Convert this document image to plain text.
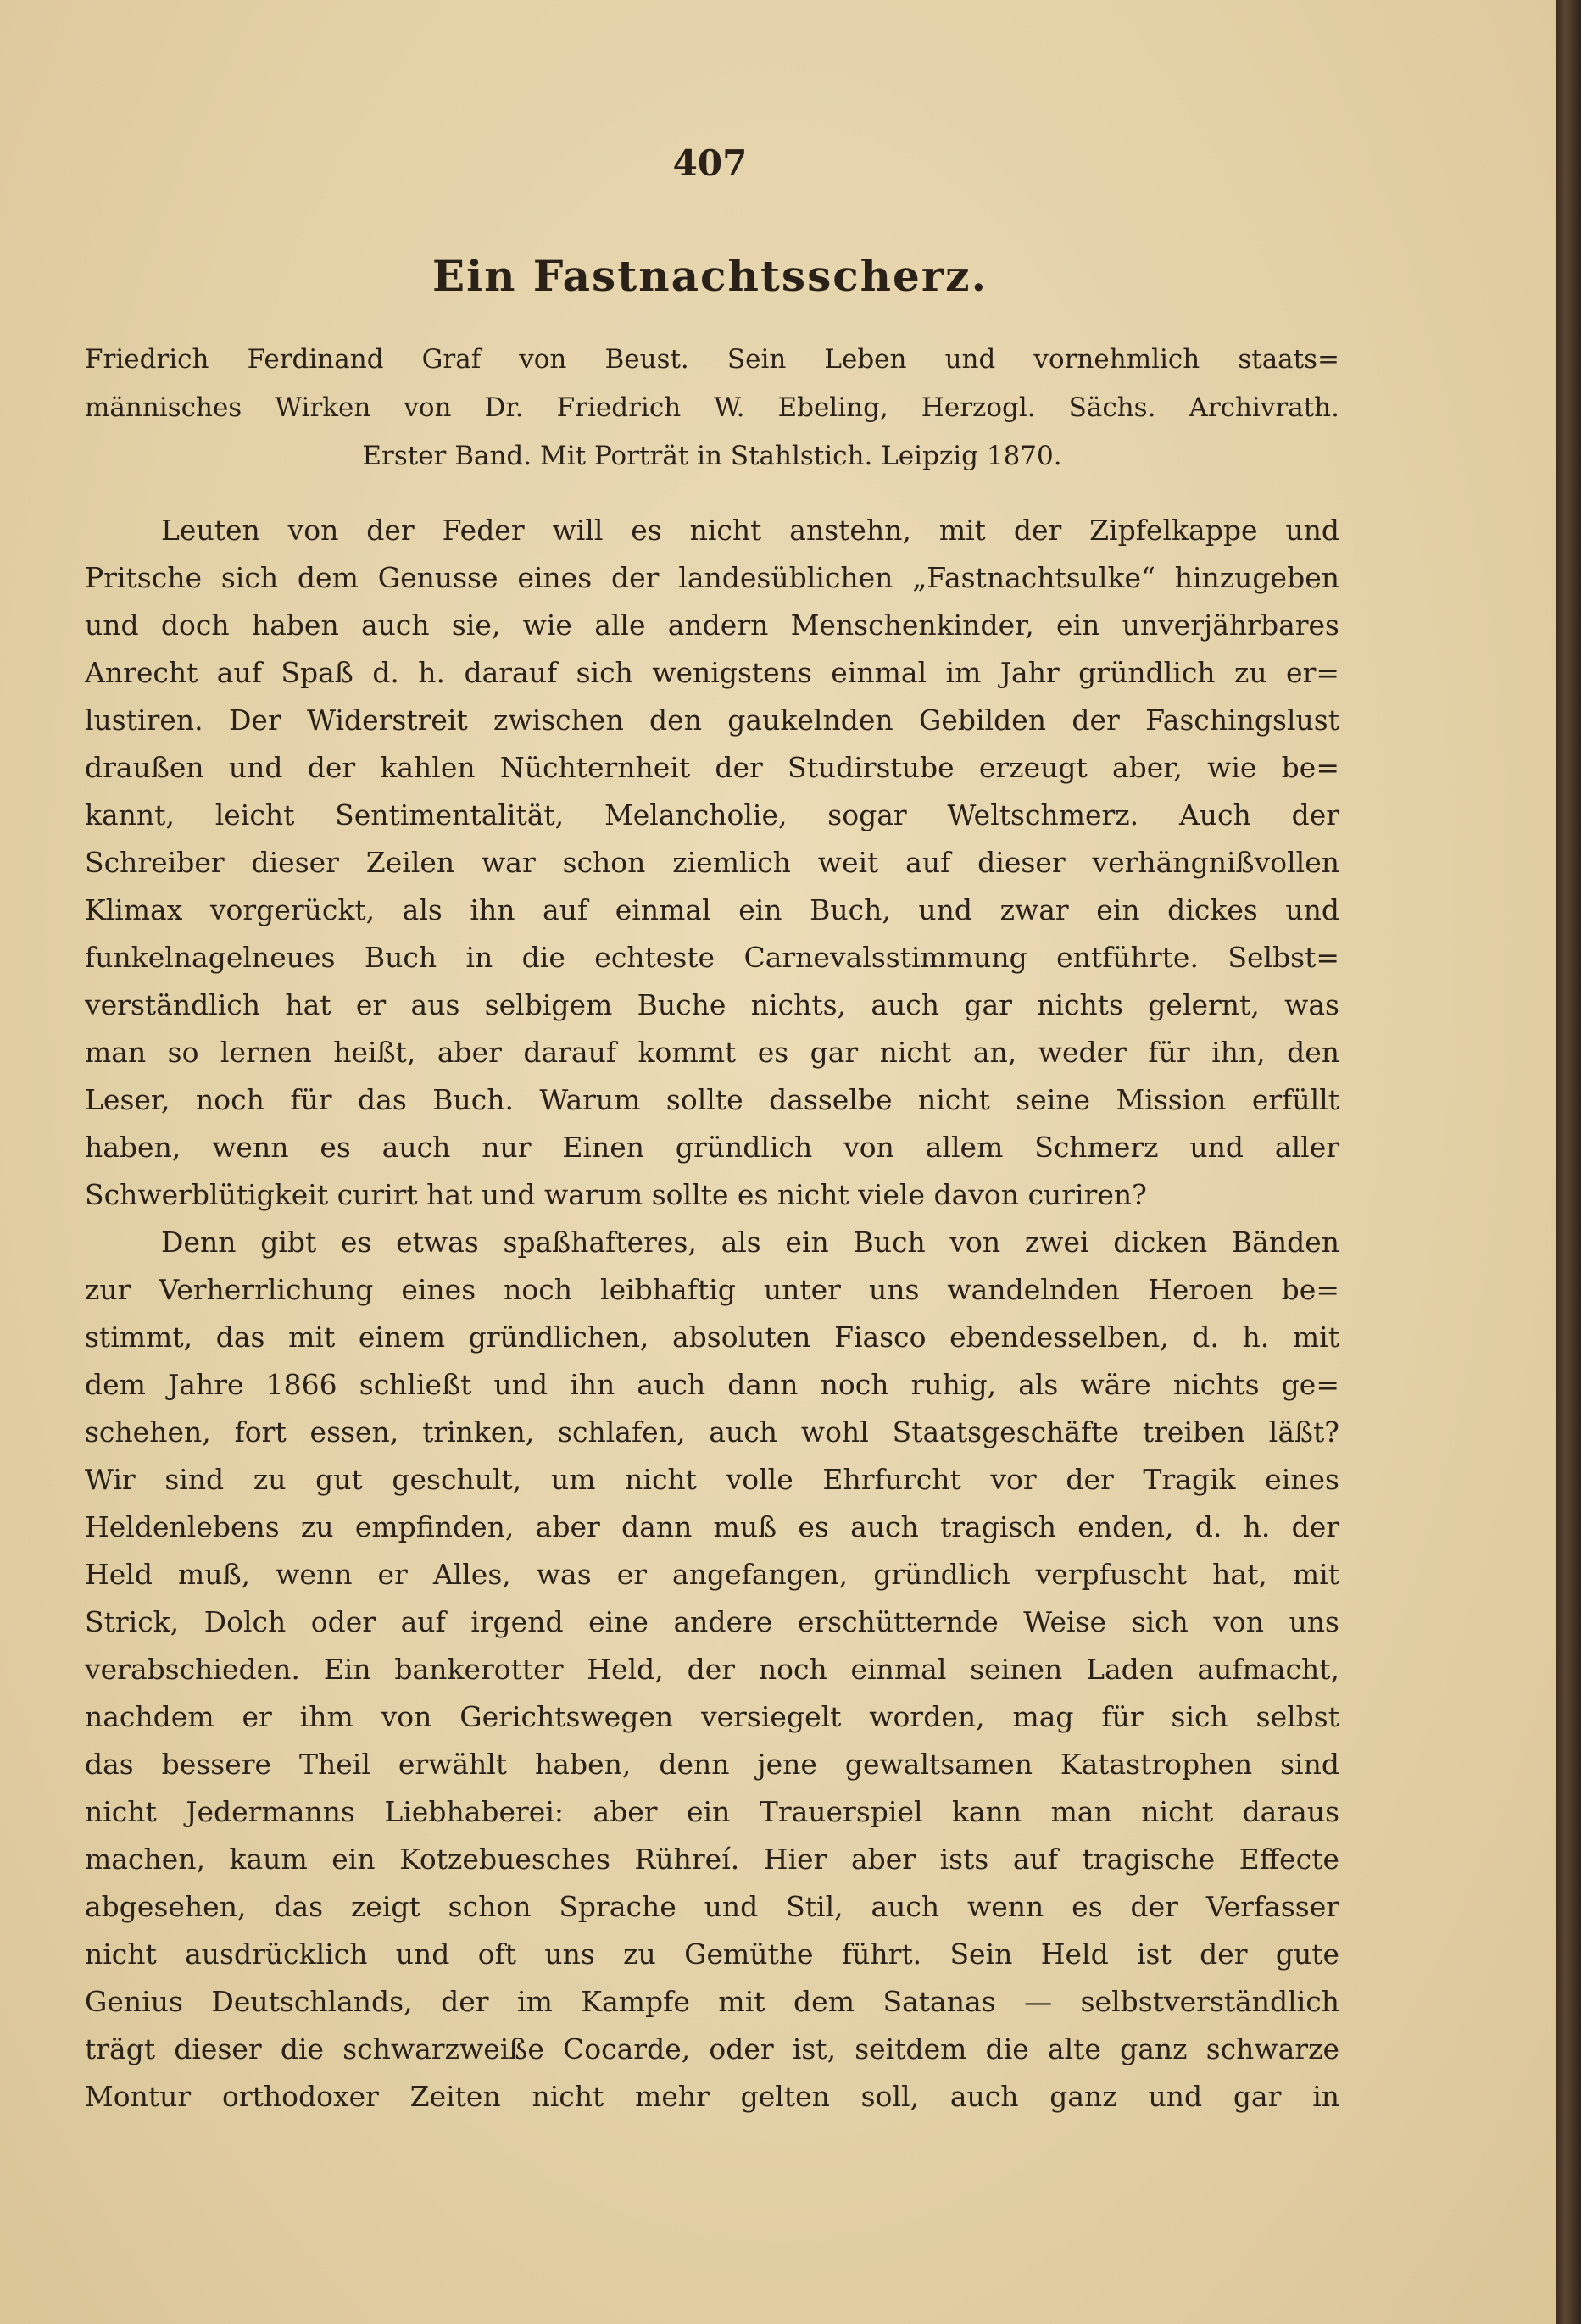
407
Ein Fastnachtsscherz.
Friedrich Ferdinand Graf von Beust. Sein Leben und vornehmlich staats=
männisches Wirken von Dr. Friedrich W. Ebeling, Herzogl. Sächs. Archivrath.
Erster Band. Mit Porträt in Stahlstich. Leipzig 1870.
Leuten von der Feder will es nicht anstehn, mit der Zipfelkappe und
Pritsche sich dem Genusse eines der landesüblichen „Fastnachtsulke“ hinzugeben
und doch haben auch sie, wie alle andern Menschenkinder, ein unverjährbares
Anrecht auf Spaß d. h. darauf sich wenigstens einmal im Jahr gründlich zu er=
lustiren. Der Widerstreit zwischen den gaukelnden Gebilden der Faschingslust
draußen und der kahlen Nüchternheit der Studirstube erzeugt aber, wie be=
kannt, leicht Sentimentalität, Melancholie, sogar Weltschmerz. Auch der
Schreiber dieser Zeilen war schon ziemlich weit auf dieser verhängnißvollen
Klimax vorgerückt, als ihn auf einmal ein Buch, und zwar ein dickes und
funkelnagelneues Buch in die echteste Carnevalsstimmung entführte. Selbst=
verständlich hat er aus selbigem Buche nichts, auch gar nichts gelernt, was
man so lernen heißt, aber darauf kommt es gar nicht an, weder für ihn, den
Leser, noch für das Buch. Warum sollte dasselbe nicht seine Mission erfüllt
haben, wenn es auch nur Einen gründlich von allem Schmerz und aller
Schwerblütigkeit curirt hat und warum sollte es nicht viele davon curiren?
Denn gibt es etwas spaßhafteres, als ein Buch von zwei dicken Bänden
zur Verherrlichung eines noch leibhaftig unter uns wandelnden Heroen be=
stimmt, das mit einem gründlichen, absoluten Fiasco ebendesselben, d. h. mit
dem Jahre 1866 schließt und ihn auch dann noch ruhig, als wäre nichts ge=
schehen, fort essen, trinken, schlafen, auch wohl Staatsgeschäfte treiben läßt?
Wir sind zu gut geschult, um nicht volle Ehrfurcht vor der Tragik eines
Heldenlebens zu empfinden, aber dann muß es auch tragisch enden, d. h. der
Held muß, wenn er Alles, was er angefangen, gründlich verpfuscht hat, mit
Strick, Dolch oder auf irgend eine andere erschütternde Weise sich von uns
verabschieden. Ein bankerotter Held, der noch einmal seinen Laden aufmacht,
nachdem er ihm von Gerichtswegen versiegelt worden, mag für sich selbst
das bessere Theil erwählt haben, denn jene gewaltsamen Katastrophen sind
nicht Jedermanns Liebhaberei: aber ein Trauerspiel kann man nicht daraus
machen, kaum ein Kotzebuesches Rühreí. Hier aber ists auf tragische Effecte
abgesehen, das zeigt schon Sprache und Stil, auch wenn es der Verfasser
nicht ausdrücklich und oft uns zu Gemüthe führt. Sein Held ist der gute
Genius Deutschlands, der im Kampfe mit dem Satanas — selbstverständlich
trägt dieser die schwarzweiße Cocarde, oder ist, seitdem die alte ganz schwarze
Montur orthodoxer Zeiten nicht mehr gelten soll, auch ganz und gar in
